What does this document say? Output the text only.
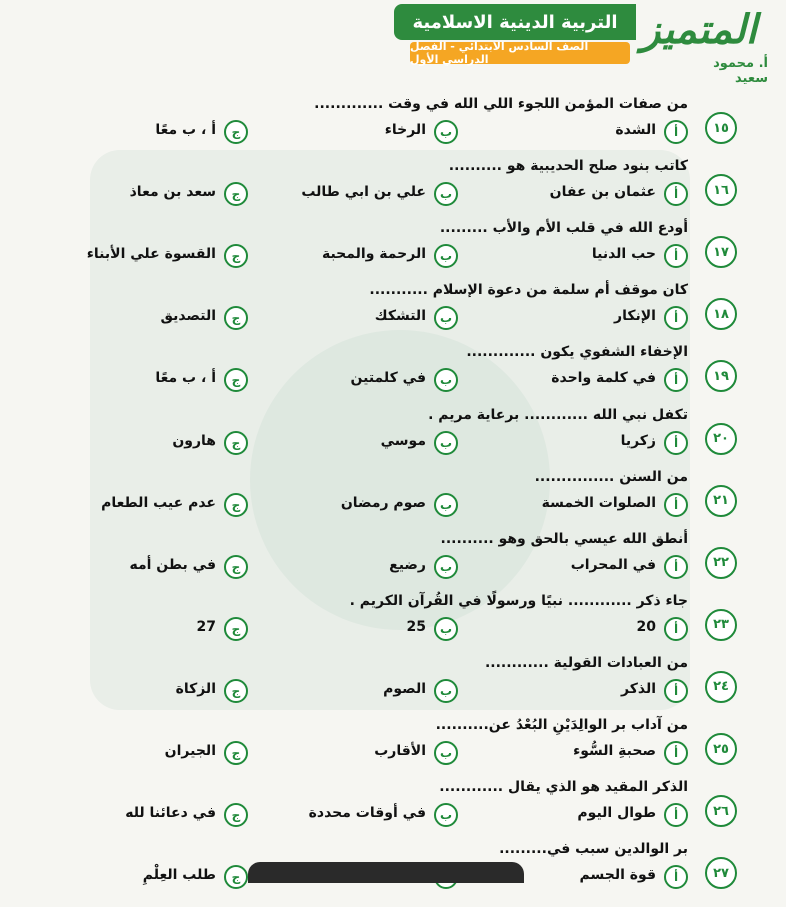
التربية الدينية الاسلامية
الصف السادس الابتدائي - الفصل الدراسي الأول
المتميز
أ. محمود سعيد
١٥
من صفات المؤمن اللجوء اللي الله في وقت .............
أ
الشدة
ب
الرخاء
ج
أ ، ب معًا
١٦
كاتب بنود صلح الحديبية هو ..........
أ
عثمان بن عفان
ب
علي بن ابي طالب
ج
سعد بن معاذ
١٧
أودع الله في قلب الأم والأب .........
أ
حب الدنيا
ب
الرحمة والمحبة
ج
القسوة علي الأبناء
١٨
كان موقف أم سلمة من دعوة الإسلام ...........
أ
الإنكار
ب
التشكك
ج
التصديق
١٩
الإخفاء الشفوي يكون .............
أ
في كلمة واحدة
ب
في كلمتين
ج
أ ، ب معًا
٢٠
تكفل نبي الله ............ برعاية مريم .
أ
زكريا
ب
موسي
ج
هارون
٢١
من السنن ...............
أ
الصلوات الخمسة
ب
صوم رمضان
ج
عدم عيب الطعام
٢٢
أنطق الله عيسي بالحق وهو ..........
أ
في المحراب
ب
رضيع
ج
في بطن أمه
٢٣
جاء ذكر ............ نبيًا ورسولًا في القُرآن الكريم .
أ
20
ب
25
ج
27
٢٤
من العبادات القولية ............
أ
الذكر
ب
الصوم
ج
الزكاة
٢٥
من آداب بر الوالِدَيْنِ البُعْدُ عن..........
أ
صحبةِ السُّوء
ب
الأقارب
ج
الجيران
٢٦
الذكر المقيد هو الذي يقال ............
أ
طوال اليوم
ب
في أوقات محددة
ج
في دعائنا لله
٢٧
بر الوالدين سبب في.........
أ
قوة الجسم
ج
طلب العِلْمِ
